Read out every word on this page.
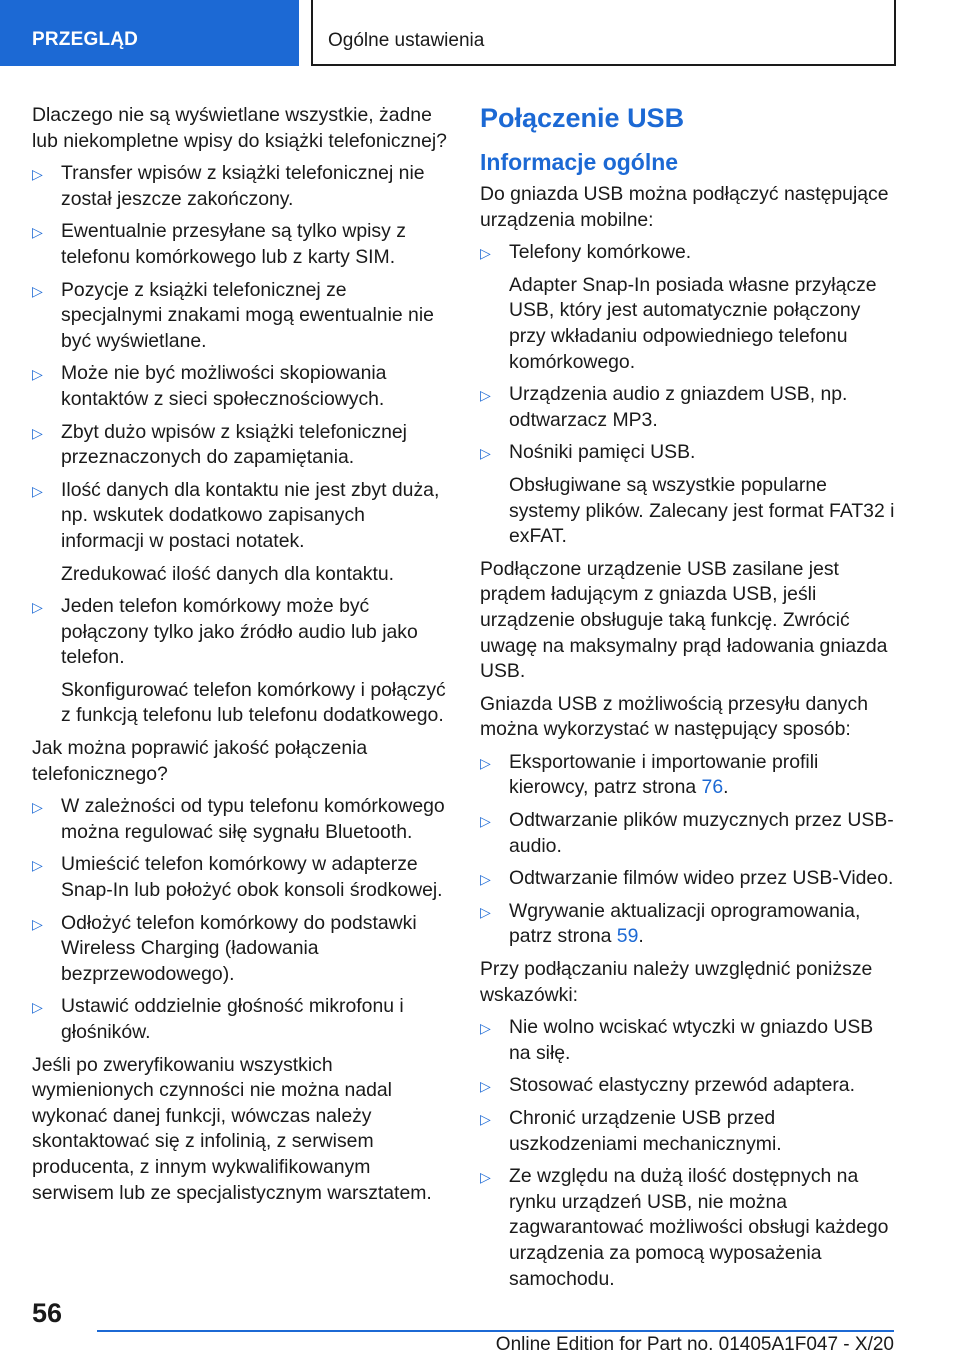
PRZEGLĄD	Ogólne ustawienia

Dlaczego nie są wyświetlane wszystkie, żadne lub niekompletne wpisy do książki telefonicznej?

▷ Transfer wpisów z książki telefonicznej nie został jeszcze zakończony.
▷ Ewentualnie przesyłane są tylko wpisy z telefonu komórkowego lub z karty SIM.
▷ Pozycje z książki telefonicznej ze specjalnymi znakami mogą ewentualnie nie być wyświetlane.
▷ Może nie być możliwości skopiowania kontaktów z sieci społecznościowych.
▷ Zbyt dużo wpisów z książki telefonicznej przeznaczonych do zapamiętania.
▷ Ilość danych dla kontaktu nie jest zbyt duża, np. wskutek dodatkowo zapisanych informacji w postaci notatek.
Zredukować ilość danych dla kontaktu.
▷ Jeden telefon komórkowy może być połączony tylko jako źródło audio lub jako telefon.
Skonfigurować telefon komórkowy i połączyć z funkcją telefonu lub telefonu dodatkowego.

Jak można poprawić jakość połączenia telefonicznego?

▷ W zależności od typu telefonu komórkowego można regulować siłę sygnału Bluetooth.
▷ Umieścić telefon komórkowy w adapterze Snap-In lub położyć obok konsoli środkowej.
▷ Odłożyć telefon komórkowy do podstawki Wireless Charging (ładowania bezprzewodowego).
▷ Ustawić oddzielnie głośność mikrofonu i głośników.

Jeśli po zweryfikowaniu wszystkich wymienionych czynności nie można nadal wykonać danej funkcji, wówczas należy skontaktować się z infolinią, z serwisem producenta, z innym wykwalifikowanym serwisem lub ze specjalistycznym warsztatem.

Połączenie USB
Informacje ogólne

Do gniazda USB można podłączyć następujące urządzenia mobilne:

▷ Telefony komórkowe.
Adapter Snap-In posiada własne przyłącze USB, który jest automatycznie połączony przy wkładaniu odpowiedniego telefonu komórkowego.
▷ Urządzenia audio z gniazdem USB, np. odtwarzacz MP3.
▷ Nośniki pamięci USB.
Obsługiwane są wszystkie popularne systemy plików. Zalecany jest format FAT32 i exFAT.

Podłączone urządzenie USB zasilane jest prądem ładującym z gniazda USB, jeśli urządzenie obsługuje taką funkcję. Zwrócić uwagę na maksymalny prąd ładowania gniazda USB.

Gniazda USB z możliwością przesyłu danych można wykorzystać w następujący sposób:

▷ Eksportowanie i importowanie profili kierowcy, patrz strona 76.
▷ Odtwarzanie plików muzycznych przez USB-audio.
▷ Odtwarzanie filmów wideo przez USB-Video.
▷ Wgrywanie aktualizacji oprogramowania, patrz strona 59.

Przy podłączaniu należy uwzględnić poniższe wskazówki:

▷ Nie wolno wciskać wtyczki w gniazdo USB na siłę.
▷ Stosować elastyczny przewód adaptera.
▷ Chronić urządzenie USB przed uszkodzeniami mechanicznymi.
▷ Ze względu na dużą ilość dostępnych na rynku urządzeń USB, nie można zagwarantować możliwości obsługi każdego urządzenia za pomocą wyposażenia samochodu.
56
Online Edition for Part no. 01405A1F047 - X/20
